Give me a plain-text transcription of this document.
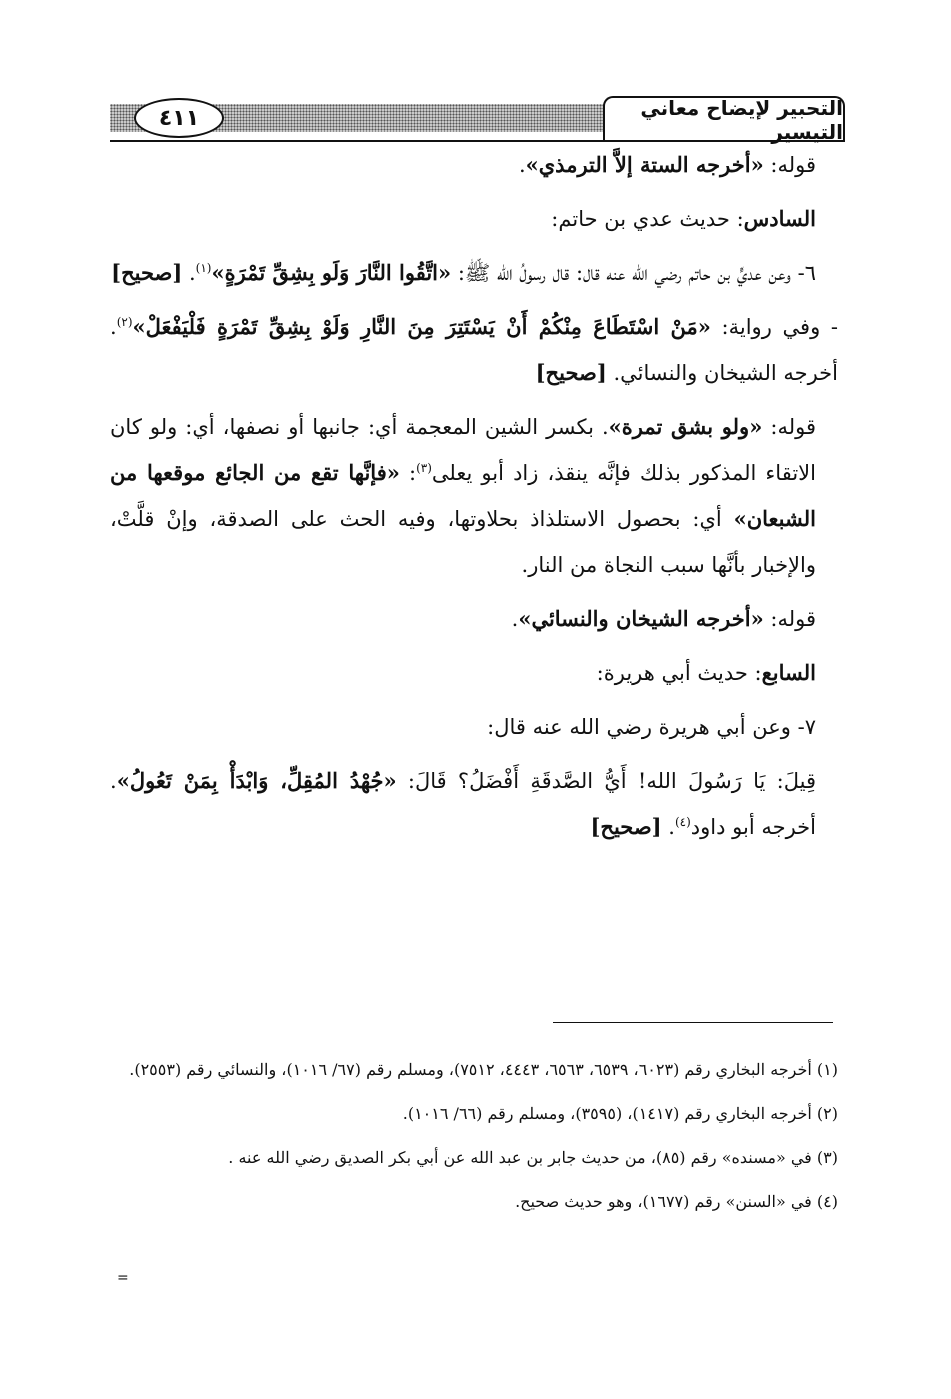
٤١١	التحبير لإيضاح معاني التيسير

قوله: «أخرجه الستة إلاَّ الترمذي».

السادس: حديث عدي بن حاتم:

٦- وعن عديٍّ بن حاتم رضي الله عنه قال: قال رسولُ الله ﷺ: «اتَّقُوا النَّارَ وَلَو بِشِقِّ تَمْرَةٍ»$^{(١)}$. [صحيح]

- وفي رواية: «مَنْ اسْتَطَاعَ مِنْكُمْ أَنْ يَسْتَتِرَ مِنَ النَّارِ وَلَوْ بِشِقِّ تَمْرَةٍ فَلْيَفْعَلْ»$^{(٢)}$. أخرجه الشيخان والنسائي. [صحيح]

قوله: «ولو بشق تمرة». بكسر الشين المعجمة أي: جانبها أو نصفها، أي: ولو كان الاتقاء المذكور بذلك فإنَّه ينقذ، زاد أبو يعلى$^{(٣)}$: «فإنَّها تقع من الجائع موقعها من الشبعان» أي: بحصول الاستلذاذ بحلاوتها، وفيه الحث على الصدقة، وإنْ قلَّتْ، والإخبار بأنَّها سبب النجاة من النار.

قوله: «أخرجه الشيخان والنسائي».

السابع: حديث أبي هريرة:

٧- وعن أبي هريرة رضي الله عنه قال:

قِيلَ: يَا رَسُولَ الله! أَيُّ الصَّدقَةِ أَفْضَلُ؟ قَالَ: «جُهْدُ المُقِلِّ، وَابْدَأْ بِمَنْ تَعُولُ». أخرجه أبو داود$^{(٤)}$. [صحيح]

(١) أخرجه البخاري رقم (٦٠٢٣، ٦٥٣٩، ٦٥٦٣، ٤٤٤٣، ٧٥١٢)، ومسلم رقم (٦٧/ ١٠١٦)، والنسائي رقم (٢٥٥٣).

(٢) أخرجه البخاري رقم (١٤١٧)، (٣٥٩٥)، ومسلم رقم (٦٦/ ١٠١٦).

(٣) في «مسنده» رقم (٨٥)، من حديث جابر بن عبد الله عن أبي بكر الصديق رضي الله عنه .

(٤) في «السنن» رقم (١٦٧٧)، وهو حديث صحيح.

=
